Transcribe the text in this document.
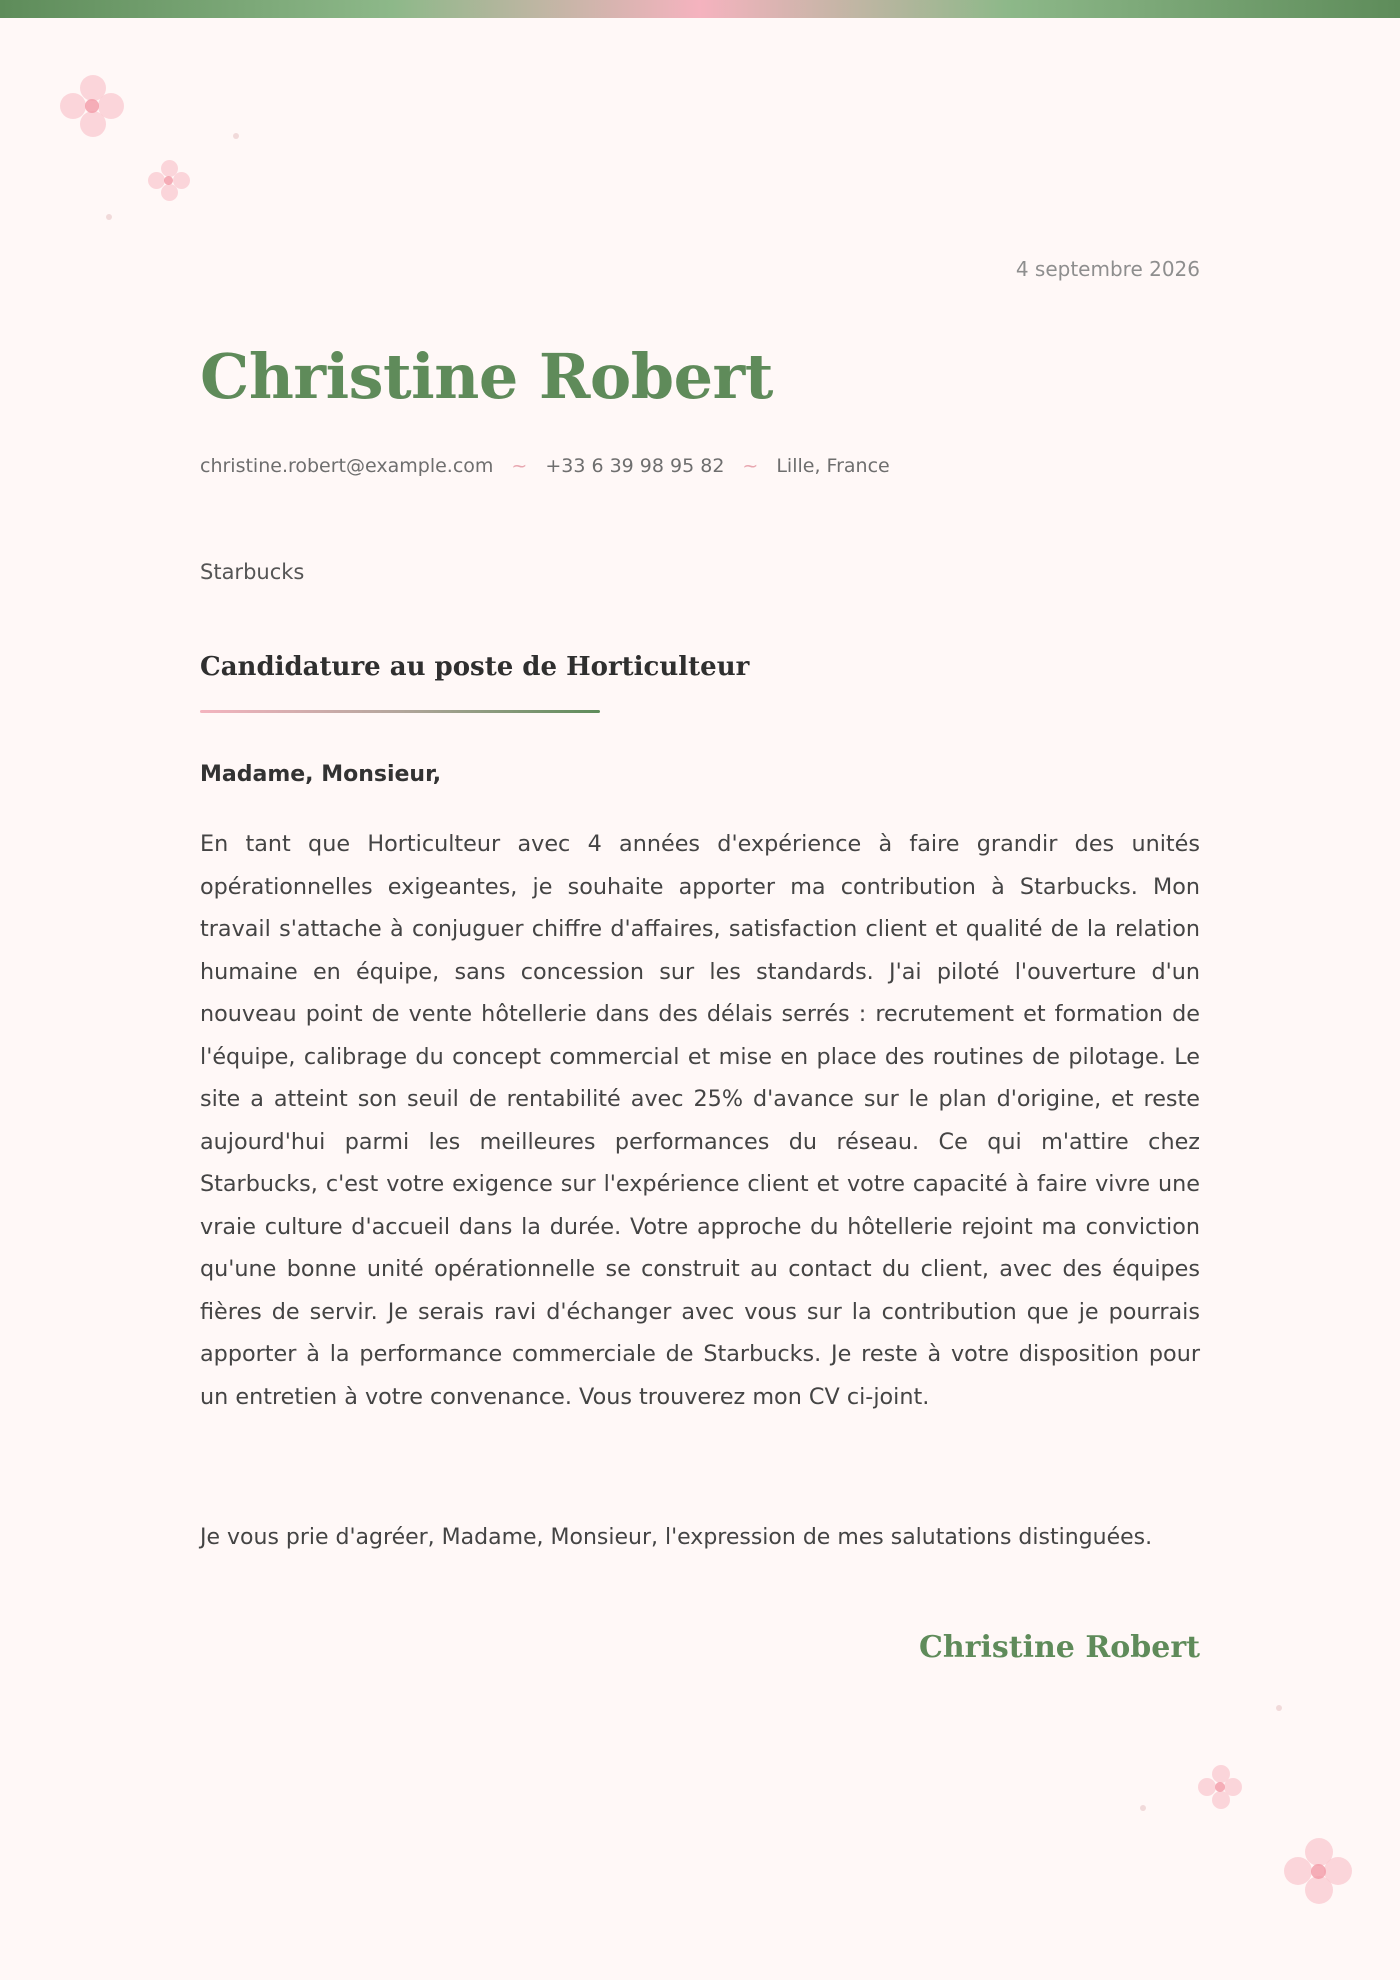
4 septembre 2026
Christine Robert
christine.robert@example.com ~ +33 6 39 98 95 82 ~ Lille, France
Starbucks
Candidature au poste de Horticulteur
Madame, Monsieur,

En tant que Horticulteur avec 4 années d'expérience à faire grandir des unités opérationnelles exigeantes, je souhaite apporter ma contribution à Starbucks. Mon travail s'attache à conjuguer chiffre d'affaires, satisfaction client et qualité de la relation humaine en équipe, sans concession sur les standards. J'ai piloté l'ouverture d'un nouveau point de vente hôtellerie dans des délais serrés : recrutement et formation de l'équipe, calibrage du concept commercial et mise en place des routines de pilotage. Le site a atteint son seuil de rentabilité avec 25% d'avance sur le plan d'origine, et reste aujourd'hui parmi les meilleures performances du réseau. Ce qui m'attire chez Starbucks, c'est votre exigence sur l'expérience client et votre capacité à faire vivre une vraie culture d'accueil dans la durée. Votre approche du hôtellerie rejoint ma conviction qu'une bonne unité opérationnelle se construit au contact du client, avec des équipes fières de servir. Je serais ravi d'échanger avec vous sur la contribution que je pourrais apporter à la performance commerciale de Starbucks. Je reste à votre disposition pour un entretien à votre convenance. Vous trouverez mon CV ci-joint.

Je vous prie d'agréer, Madame, Monsieur, l'expression de mes salutations distinguées.

Christine Robert
